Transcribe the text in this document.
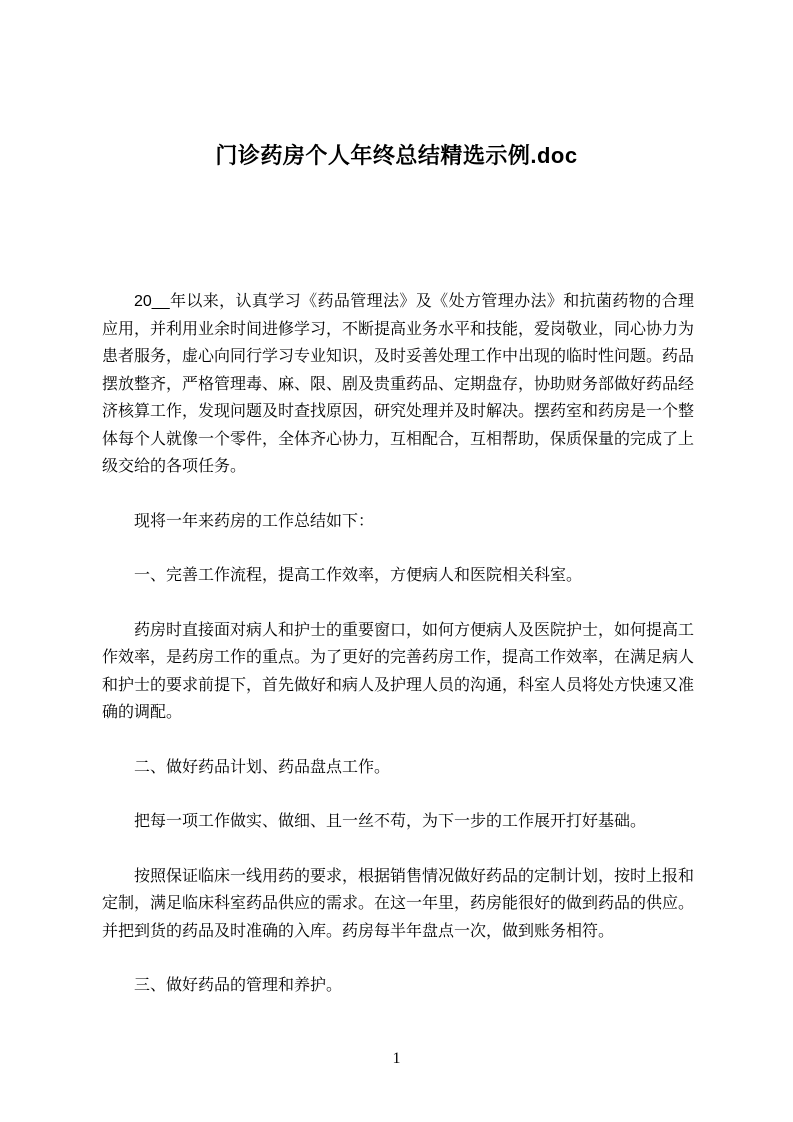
门诊药房个人年终总结精选示例.doc

20__年以来，认真学习《药品管理法》及《处方管理办法》和抗菌药物的合理应用，并利用业余时间进修学习，不断提高业务水平和技能，爱岗敬业，同心协力为患者服务，虚心向同行学习专业知识，及时妥善处理工作中出现的临时性问题。药品摆放整齐，严格管理毒、麻、限、剧及贵重药品、定期盘存，协助财务部做好药品经济核算工作，发现问题及时查找原因，研究处理并及时解决。摆药室和药房是一个整体每个人就像一个零件，全体齐心协力，互相配合，互相帮助，保质保量的完成了上级交给的各项任务。

现将一年来药房的工作总结如下：

一、完善工作流程，提高工作效率，方便病人和医院相关科室。

药房时直接面对病人和护士的重要窗口，如何方便病人及医院护士，如何提高工作效率，是药房工作的重点。为了更好的完善药房工作，提高工作效率，在满足病人和护士的要求前提下，首先做好和病人及护理人员的沟通，科室人员将处方快速又准确的调配。

二、做好药品计划、药品盘点工作。

把每一项工作做实、做细、且一丝不苟，为下一步的工作展开打好基础。

按照保证临床一线用药的要求，根据销售情况做好药品的定制计划，按时上报和定制，满足临床科室药品供应的需求。在这一年里，药房能很好的做到药品的供应。并把到货的药品及时准确的入库。药房每半年盘点一次，做到账务相符。

三、做好药品的管理和养护。

1
